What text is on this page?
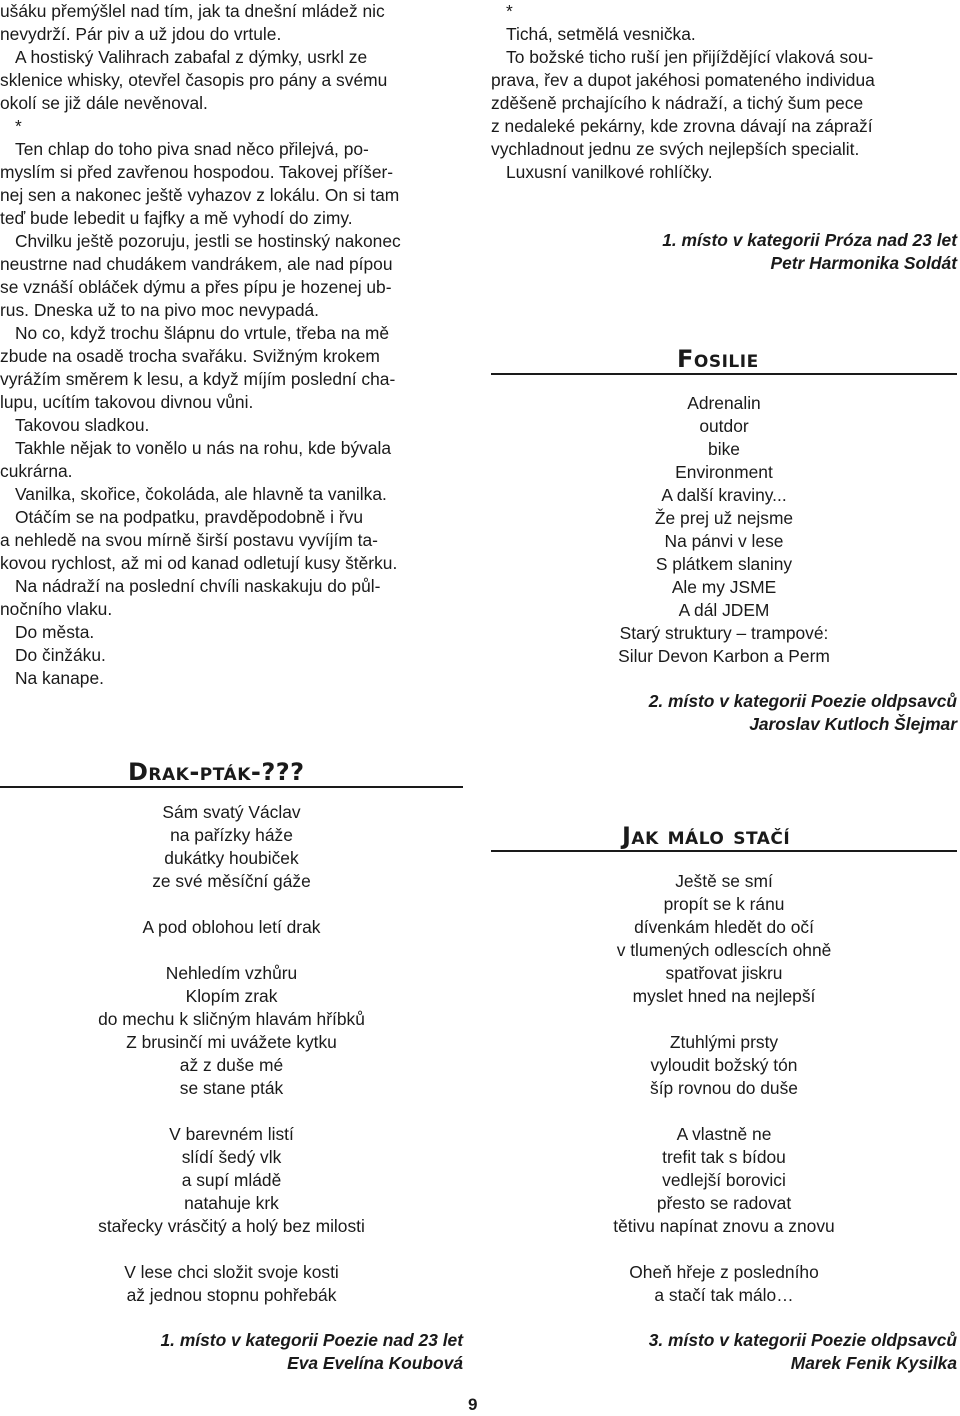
ušáku přemýšlel nad tím, jak ta dnešní mládež nic
nevydrží. Pár piv a už jdou do vrtule.
A hostiský Valihrach zabafal z dýmky, usrkl ze
sklenice whisky, otevřel časopis pro pány a svému
okolí se již dále nevěnoval.
*
Ten chlap do toho piva snad něco přilejvá, po-
myslím si před zavřenou hospodou. Takovej příšer-
nej sen a nakonec ještě vyhazov z lokálu. On si tam
teď bude lebedit u fajfky a mě vyhodí do zimy.
Chvilku ještě pozoruju, jestli se hostinský nakonec
neustrne nad chudákem vandrákem, ale nad pípou
se vznáší obláček dýmu a přes pípu je hozenej ub-
rus. Dneska už to na pivo moc nevypadá.
No co, když trochu šlápnu do vrtule, třeba na mě
zbude na osadě trocha svařáku. Svižným krokem
vyrážím směrem k lesu, a když míjím poslední cha-
lupu, ucítím takovou divnou vůni.
Takovou sladkou.
Takhle nějak to vonělo u nás na rohu, kde bývala
cukrárna.
Vanilka, skořice, čokoláda, ale hlavně ta vanilka.
Otáčím se na podpatku, pravděpodobně i řvu
a nehledě na svou mírně širší postavu vyvíjím ta-
kovou rychlost, až mi od kanad odletují kusy štěrku.
Na nádraží na poslední chvíli naskakuju do půl-
nočního vlaku.
Do města.
Do činžáku.
Na kanape.
*
Tichá, setmělá vesnička.
To božské ticho ruší jen přijíždějící vlaková sou-
prava, řev a dupot jakéhosi pomateného individua
zděšeně prchajícího k nádraží, a tichý šum pece
z nedaleké pekárny, kde zrovna dávají na zápraží
vychladnout jednu ze svých nejlepších specialit.
Luxusní vanilkové rohlíčky.

1. místo v kategorii Próza nad 23 let

Petr Harmonika Soldát

Fosilie
Adrenalin
outdor
bike
Environment
A další kraviny...
Že prej už nejsme
Na pánvi v lese
S plátkem slaniny
Ale my JSME
A dál JDEM
Starý struktury – trampové:
Silur Devon Karbon a Perm

2. místo v kategorii Poezie oldpsavců

Jaroslav Kutloch Šlejmar

Drak-pták-???
Sám svatý Václav
na pařízky háže
dukátky houbiček
ze své měsíční gáže
A pod oblohou letí drak
Nehledím vzhůru
Klopím zrak
do mechu k sličným hlavám hříbků
Z brusinčí mi uvážete kytku
až z duše mé
se stane pták
V barevném listí
slídí šedý vlk
a supí mládě
natahuje krk
stařecky vrásčitý a holý bez milosti
V lese chci složit svoje kosti
až jednou stopnu pohřebák

1. místo v kategorii Poezie nad 23 let

Eva Evelína Koubová

Jak málo stačí
Ještě se smí
propít se k ránu
dívenkám hledět do očí
v tlumených odlescích ohně
spatřovat jiskru
myslet hned na nejlepší
Ztuhlými prsty
vyloudit božský tón
šíp rovnou do duše
A vlastně ne
trefit tak s bídou
vedlejší borovici
přesto se radovat
tětivu napínat znovu a znovu
Oheň hřeje z posledního
a stačí tak málo…

3. místo v kategorii Poezie oldpsavců

Marek Fenik Kysilka

9
